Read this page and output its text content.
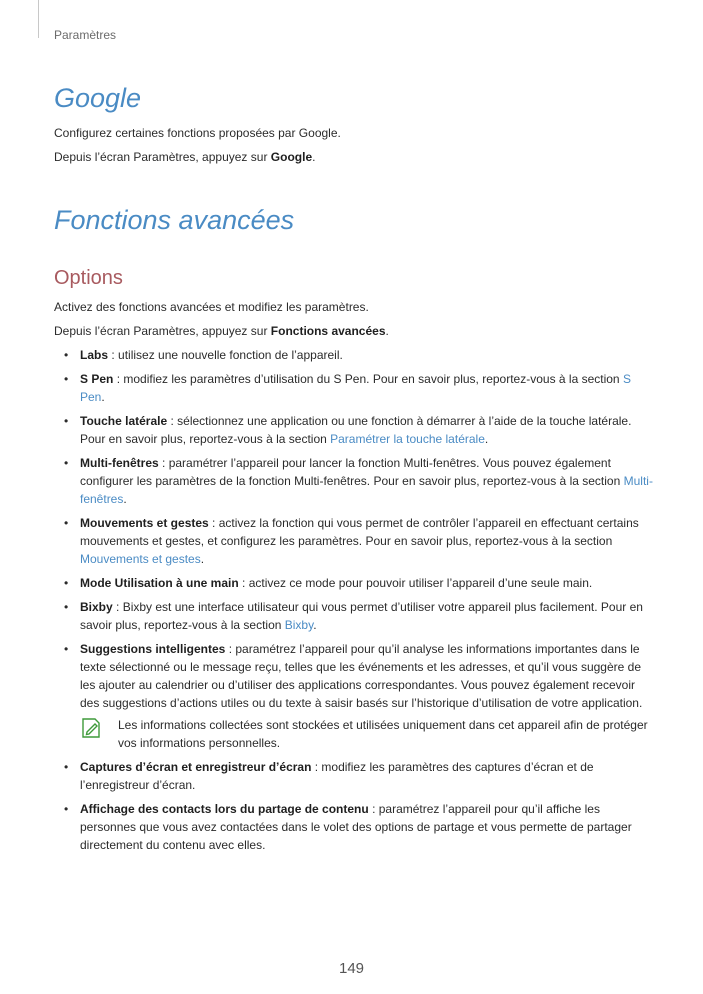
Paramètres
Google

Configurez certaines fonctions proposées par Google.

Depuis l’écran Paramètres, appuyez sur Google.

Fonctions avancées
Options

Activez des fonctions avancées et modifiez les paramètres.

Depuis l’écran Paramètres, appuyez sur Fonctions avancées.

• Labs : utilisez une nouvelle fonction de l’appareil.
• S Pen : modifiez les paramètres d’utilisation du S Pen. Pour en savoir plus, reportez-vous à la section S Pen.
• Touche latérale : sélectionnez une application ou une fonction à démarrer à l’aide de la touche latérale. Pour en savoir plus, reportez-vous à la section Paramétrer la touche latérale.
• Multi-fenêtres : paramétrer l’appareil pour lancer la fonction Multi-fenêtres. Vous pouvez également configurer les paramètres de la fonction Multi-fenêtres. Pour en savoir plus, reportez-vous à la section Multi-fenêtres.
• Mouvements et gestes : activez la fonction qui vous permet de contrôler l’appareil en effectuant certains mouvements et gestes, et configurez les paramètres. Pour en savoir plus, reportez-vous à la section Mouvements et gestes.
• Mode Utilisation à une main : activez ce mode pour pouvoir utiliser l’appareil d’une seule main.
• Bixby : Bixby est une interface utilisateur qui vous permet d’utiliser votre appareil plus facilement. Pour en savoir plus, reportez-vous à la section Bixby.
• Suggestions intelligentes : paramétrez l’appareil pour qu’il analyse les informations importantes dans le texte sélectionné ou le message reçu, telles que les événements et les adresses, et qu’il vous suggère de les ajouter au calendrier ou d’utiliser des applications correspondantes. Vous pouvez également recevoir des suggestions d’actions utiles ou du texte à saisir basés sur l’historique d’utilisation de votre application.
Les informations collectées sont stockées et utilisées uniquement dans cet appareil afin de protéger vos informations personnelles.
• Captures d’écran et enregistreur d’écran : modifiez les paramètres des captures d’écran et de l’enregistreur d’écran.
• Affichage des contacts lors du partage de contenu : paramétrez l’appareil pour qu’il affiche les personnes que vous avez contactées dans le volet des options de partage et vous permette de partager directement du contenu avec elles.
149
